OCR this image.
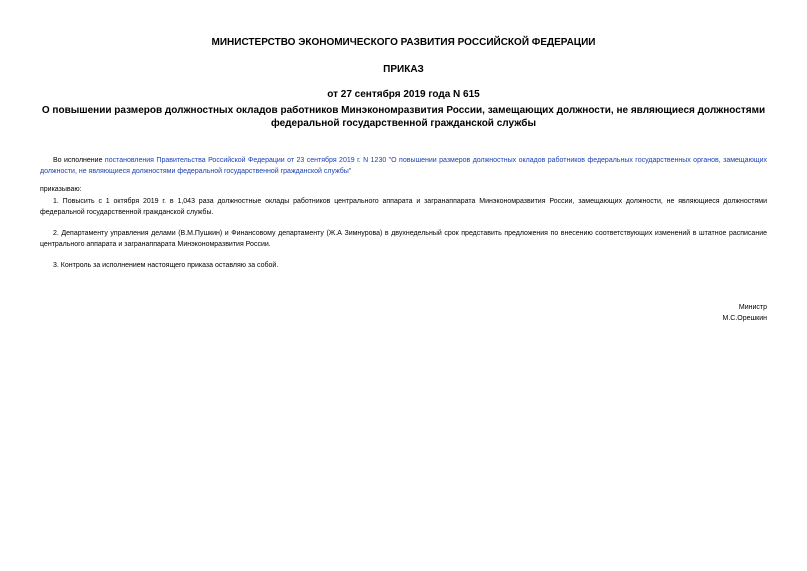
МИНИСТЕРСТВО ЭКОНОМИЧЕСКОГО РАЗВИТИЯ РОССИЙСКОЙ ФЕДЕРАЦИИ
ПРИКАЗ
от 27 сентября 2019 года N 615
О повышении размеров должностных окладов работников Минэкономразвития России, замещающих должности, не являющиеся должностями федеральной государственной гражданской службы
Во исполнение постановления Правительства Российской Федерации от 23 сентября 2019 г. N 1230 "О повышении размеров должностных окладов работников федеральных государственных органов, замещающих должности, не являющиеся должностями федеральной государственной гражданской службы"
приказываю:
1. Повысить с 1 октября 2019 г. в 1,043 раза должностные оклады работников центрального аппарата и загранаппарата Минэкономразвития России, замещающих должности, не являющиеся должностями федеральной государственной гражданской службы.
2. Департаменту управления делами (В.М.Пушкин) и Финансовому департаменту (Ж.А Зимнурова) в двухнедельный срок представить предложения по внесению соответствующих изменений в штатное расписание центрального аппарата и загранаппарата Минэкономразвития России.
3. Контроль за исполнением настоящего приказа оставляю за собой.
Министр
М.С.Орешкин
